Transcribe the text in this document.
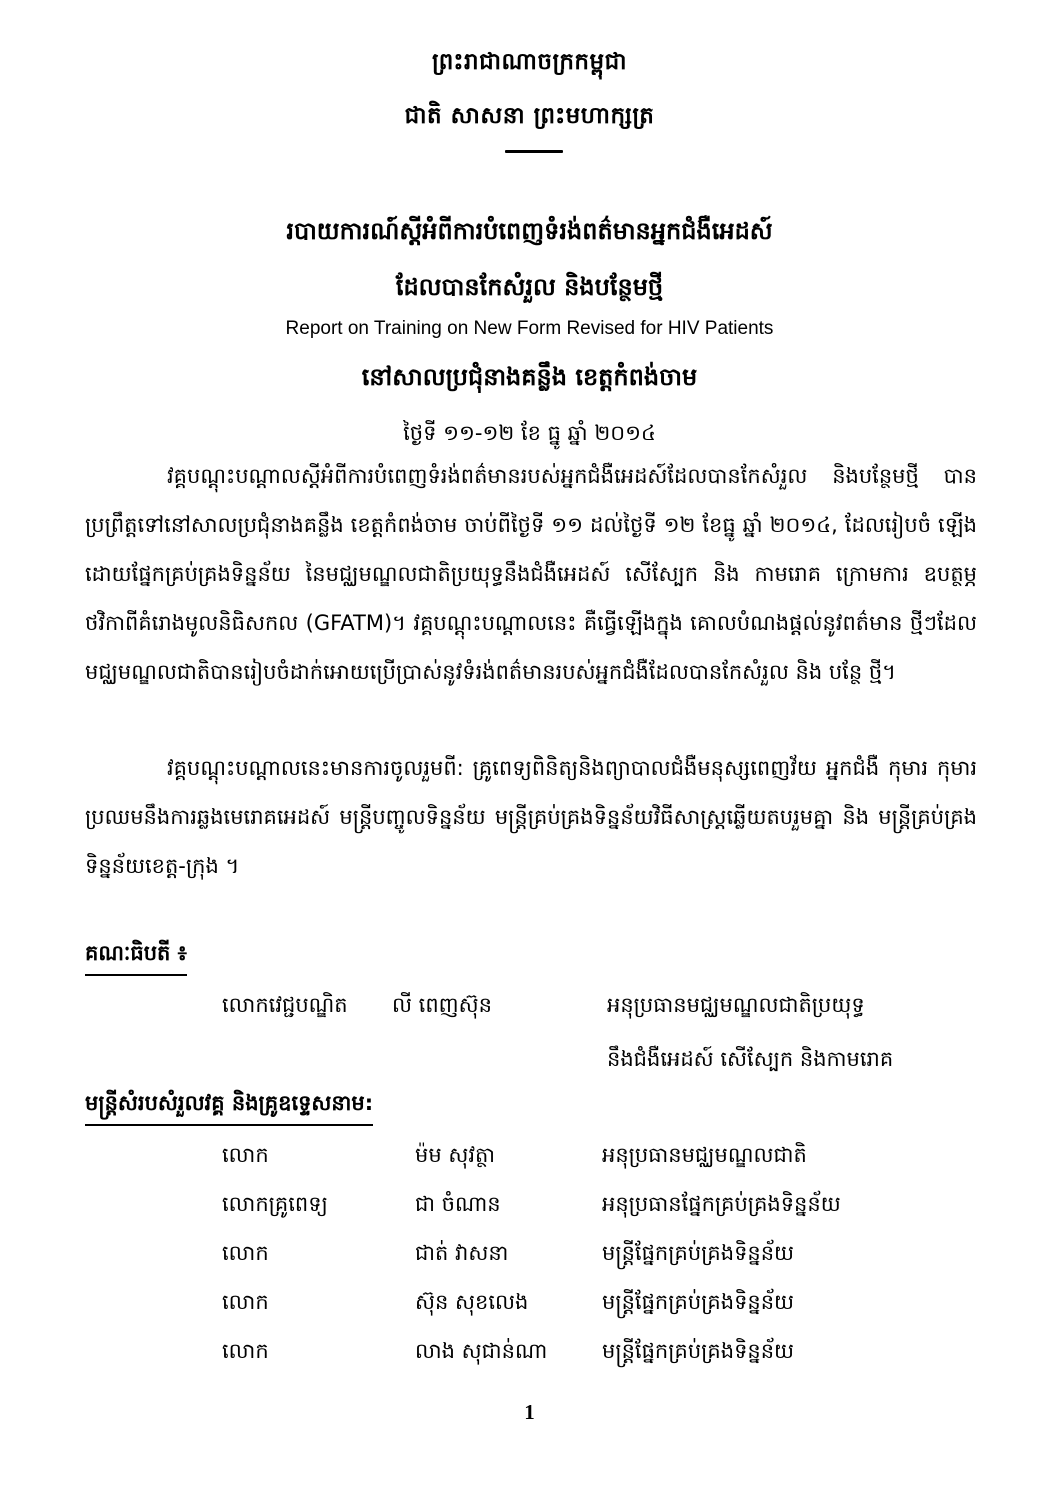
ព្រះរាជាណាចក្រកម្ពុជា
ជាតិ សាសនា ព្រះមហាក្សត្រ
របាយការណ៍ស្តីអំពីការបំពេញទំរង់ពត៌មានអ្នកជំងឺអេដស៍
ដែលបានកែសំរួល និងបន្ថែមថ្មី
Report on Training on New Form Revised for HIV Patients
នៅសាលប្រជុំនាងគន្លឹង ខេត្តកំពង់ចាម
ថ្ងៃទី ១១-១២ ខែ ធ្នូ ឆ្នាំ ២០១៤
វគ្គបណ្តុះបណ្តាលស្តីអំពីការបំពេញទំរង់ពត៌មានរបស់អ្នកជំងឺអេដស៍ដែលបានកែសំរួល និងបន្ថែមថ្មី បាន ប្រព្រឹត្តទៅនៅសាលប្រជុំនាងគន្លឹង ខេត្តកំពង់ចាម ចាប់ពីថ្ងៃទី ១១ ដល់ថ្ងៃទី ១២ ខែធ្នូ ឆ្នាំ ២០១៤, ដែលរៀបចំ ឡើងដោយផ្នែកគ្រប់គ្រងទិន្នន័យ នៃមជ្ឈមណ្ឌលជាតិប្រយុទ្ធនឹងជំងឺអេដស៍ សើស្បែក និង កាមរោគ ក្រោមការ ឧបត្ថម្ភថវិកាពីគំរោងមូលនិធិសកល (GFATM)។ វគ្គបណ្តុះបណ្តាលនេះ គឺធ្វើឡើងក្នុង គោលបំណងផ្តល់នូវពត៌មាន ថ្មីៗដែលមជ្ឈមណ្ឌលជាតិបានរៀបចំដាក់អោយប្រើប្រាស់នូវទំរង់ពត៌មានរបស់អ្នកជំងឺដែលបានកែសំរួល និង បន្ថែ ថ្មី។
វគ្គបណ្តុះបណ្តាលនេះមានការចូលរួមពី: គ្រូពេទ្យពិនិត្យនិងព្យាបាលជំងឺមនុស្សពេញវ័យ អ្នកជំងឺ កុមារ កុមារប្រឈមនឹងការឆ្លងមេរោគអេដស៍ មន្ត្រីបញ្ចូលទិន្នន័យ មន្ត្រីគ្រប់គ្រងទិន្នន័យវិធីសាស្ត្រឆ្លើយតបរួមគ្នា និង មន្ត្រីគ្រប់គ្រងទិន្នន័យខេត្ត-ក្រុង ។
គណៈធិបតី ៖
លោកវេជ្ជបណ្ឌិត លី ពេញស៊ុន	អនុប្រធានមជ្ឈមណ្ឌលជាតិប្រយុទ្ធ
នឹងជំងឺអេដស៍ សើស្បែក និងកាមរោគ
មន្ត្រីសំរបសំរួលវគ្គ និងគ្រូឧទ្ទេសនាម:
លោក	ម៉ម សុវត្ថា	អនុប្រធានមជ្ឈមណ្ឌលជាតិ
លោកគ្រូពេទ្យ	ជា ចំណាន	អនុប្រធានផ្នែកគ្រប់គ្រងទិន្នន័យ
លោក	ជាត់ វាសនា	មន្ត្រីផ្នែកគ្រប់គ្រងទិន្នន័យ
លោក	ស៊ុន សុខលេង	មន្ត្រីផ្នែកគ្រប់គ្រងទិន្នន័យ
លោក	លាង សុជាន់ណា	មន្ត្រីផ្នែកគ្រប់គ្រងទិន្នន័យ
1
